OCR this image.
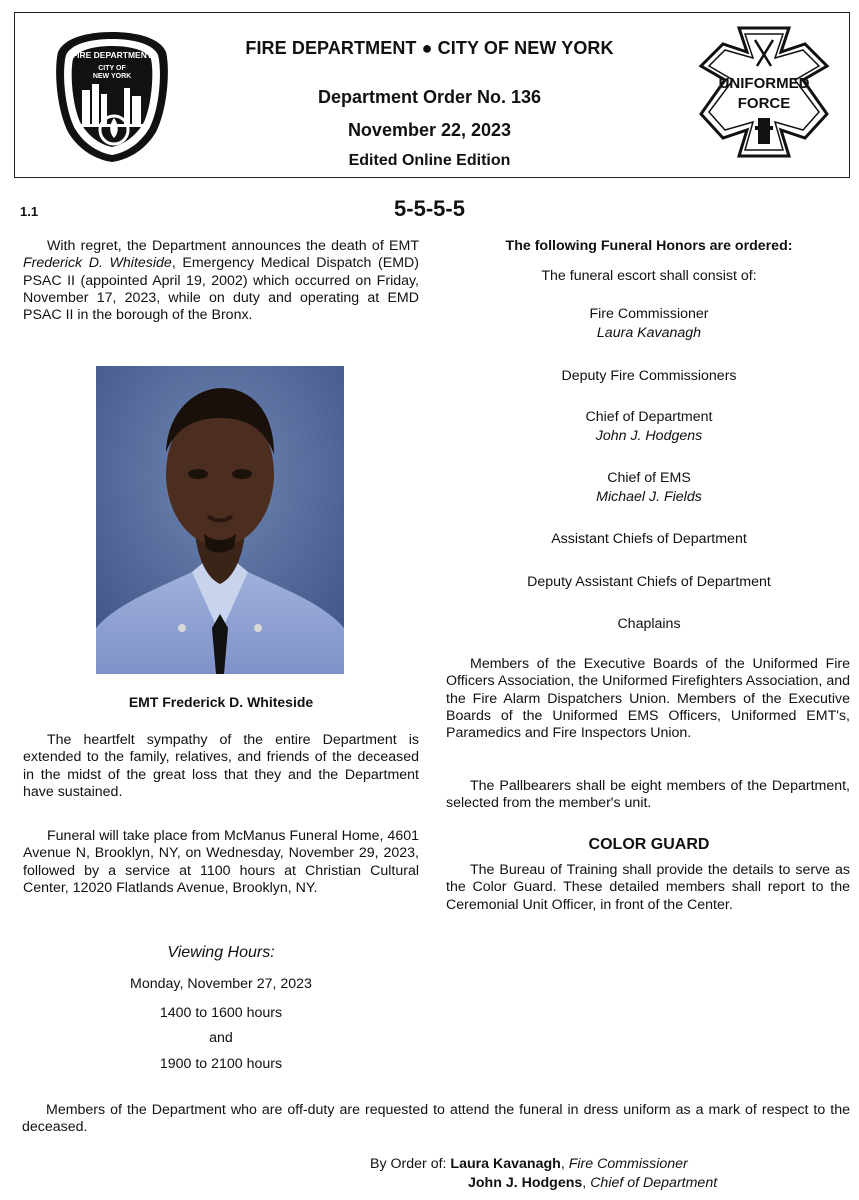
FIRE DEPARTMENT
CITY OF
NEW YORK	UNIFORMED
FORCE
FIRE DEPARTMENT ● CITY OF NEW YORK
Department Order No. 136
November 22, 2023
Edited Online Edition
1.1	5-5-5-5
With regret, the Department announces the death of EMT Frederick D. Whiteside, Emergency Medical Dispatch (EMD) PSAC II (appointed April 19, 2002) which occurred on Friday, November 17, 2023, while on duty and operating at EMD PSAC II in the borough of the Bronx.
EMT Frederick D. Whiteside
The heartfelt sympathy of the entire Department is extended to the family, relatives, and friends of the deceased in the midst of the great loss that they and the Department have sustained.
Funeral will take place from McManus Funeral Home, 4601 Avenue N, Brooklyn, NY, on Wednesday, November 29, 2023, followed by a service at 1100 hours at Christian Cultural Center, 12020 Flatlands Avenue, Brooklyn, NY.
Viewing Hours:
Monday, November 27, 2023
1400 to 1600 hours
and
1900 to 2100 hours
The following Funeral Honors are ordered:
The funeral escort shall consist of:
Fire Commissioner
Laura Kavanagh
Deputy Fire Commissioners
Chief of Department
John J. Hodgens
Chief of EMS
Michael J. Fields
Assistant Chiefs of Department
Deputy Assistant Chiefs of Department
Chaplains
Members of the Executive Boards of the Uniformed Fire Officers Association, the Uniformed Firefighters Association, and the Fire Alarm Dispatchers Union. Members of the Executive Boards of the Uniformed EMS Officers, Uniformed EMT's, Paramedics and Fire Inspectors Union.
The Pallbearers shall be eight members of the Department, selected from the member's unit.
COLOR GUARD
The Bureau of Training shall provide the details to serve as the Color Guard. These detailed members shall report to the Ceremonial Unit Officer, in front of the Center.
Members of the Department who are off-duty are requested to attend the funeral in dress uniform as a mark of respect to the deceased.
By Order of: Laura Kavanagh, Fire Commissioner
John J. Hodgens, Chief of Department
